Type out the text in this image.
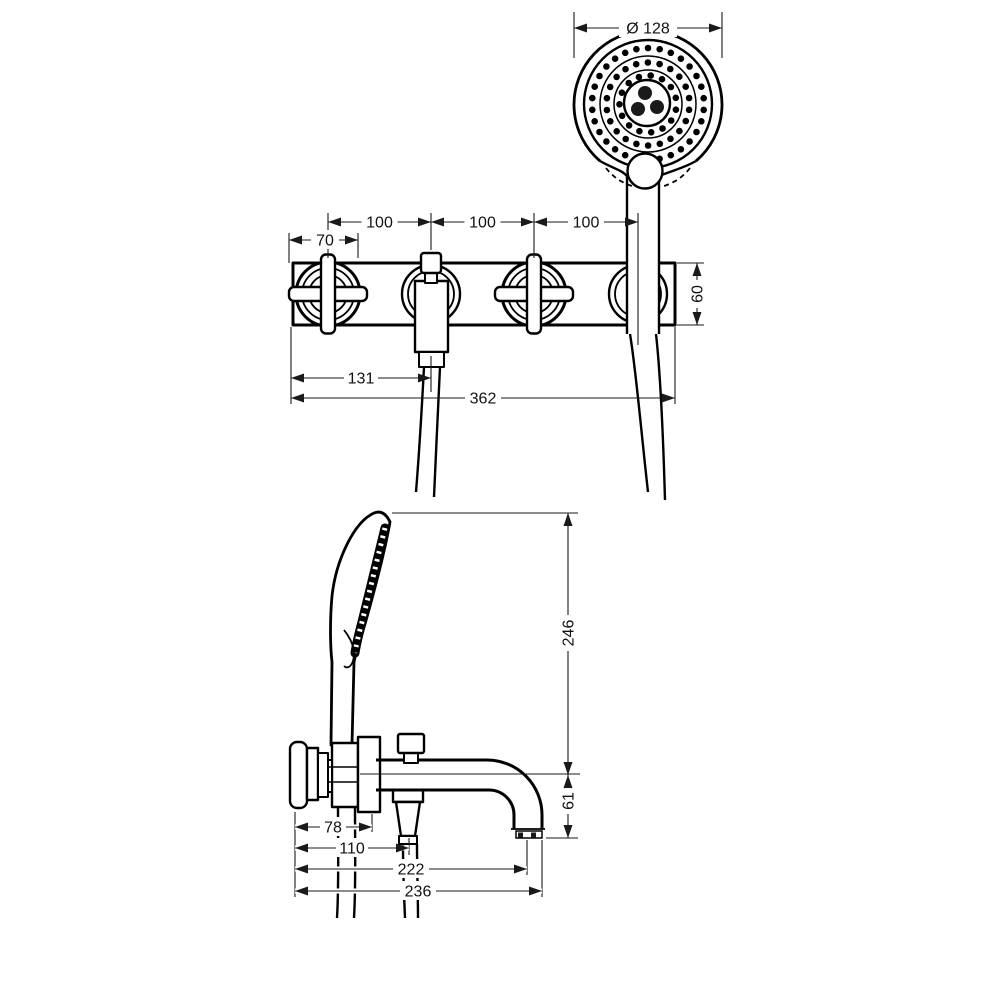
Ø 128
100	100	100
70
60
131
362
246
61
78
110
222
236
